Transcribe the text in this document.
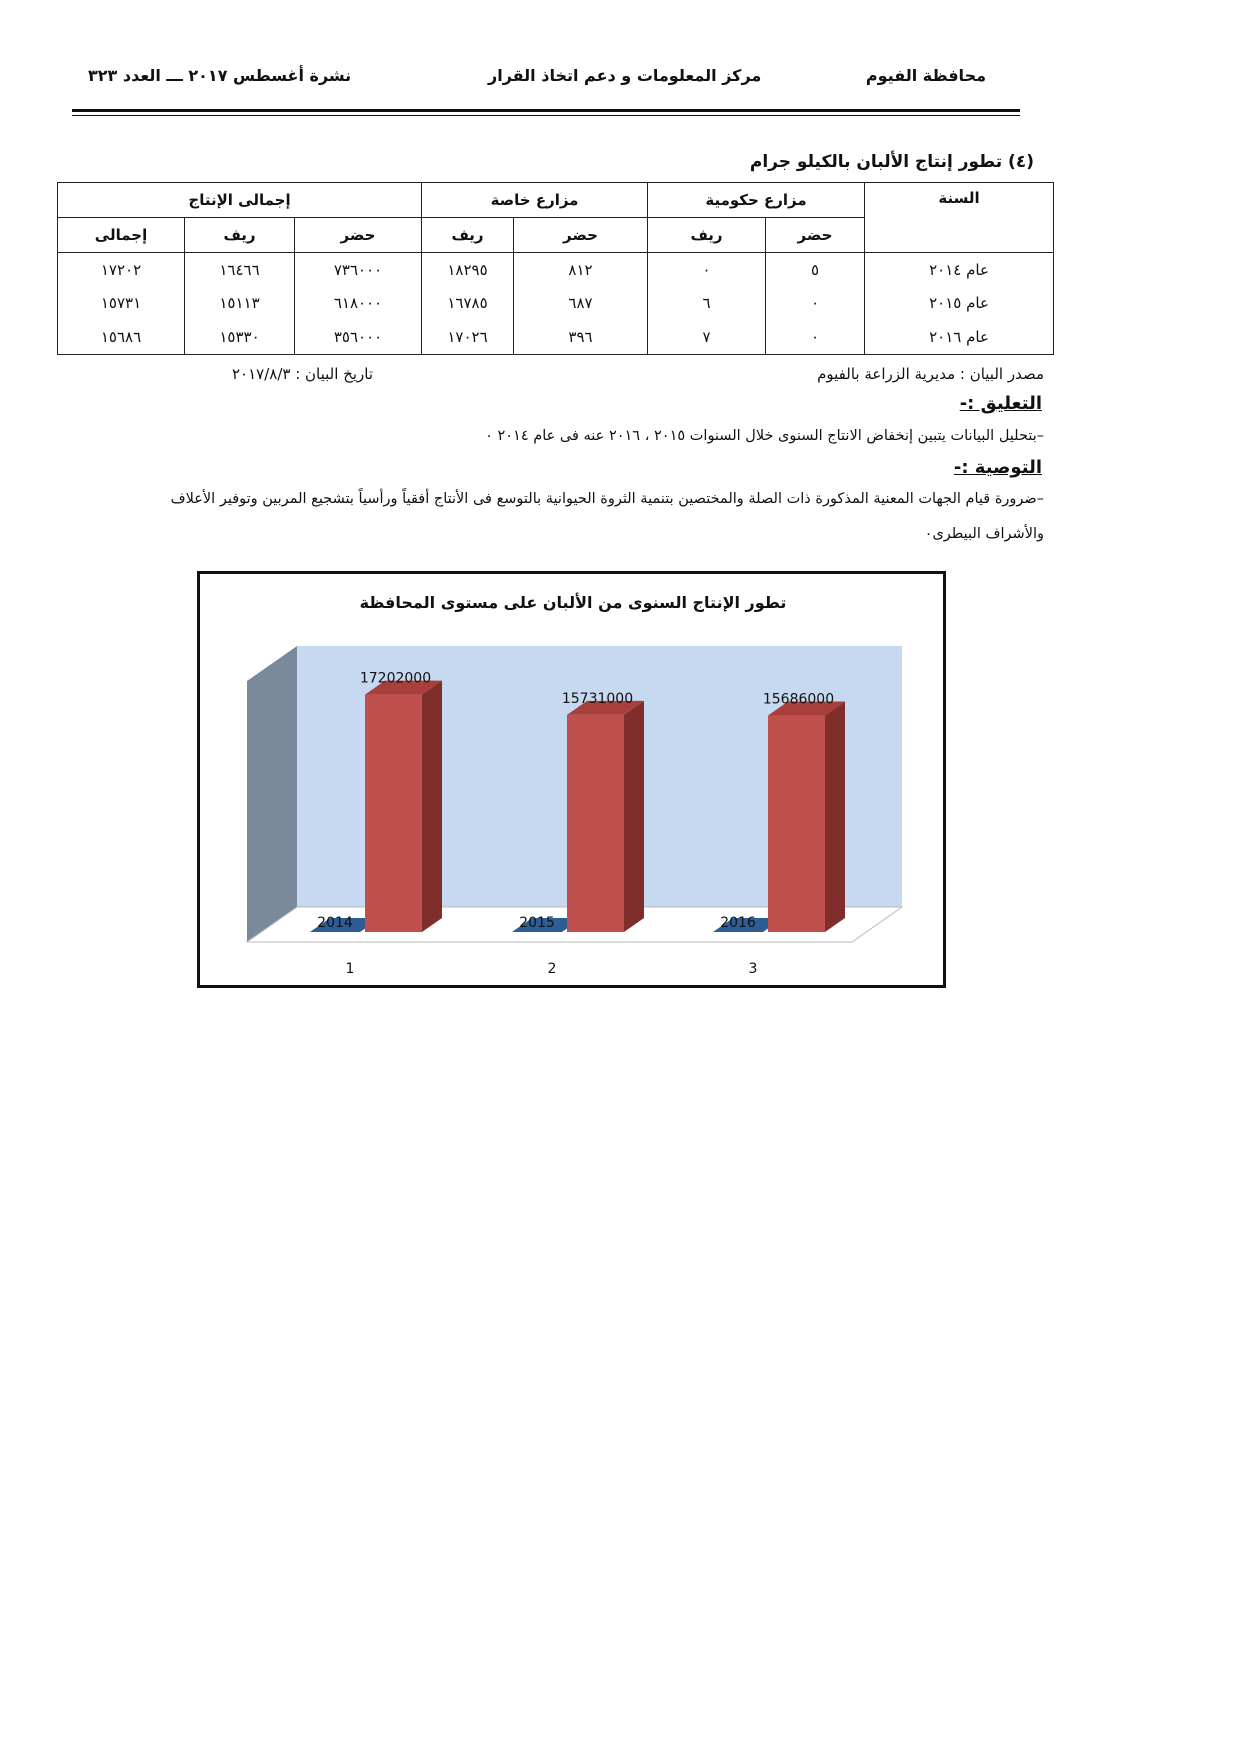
محافظة الفيوم
مركز المعلومات و دعم اتخاذ القرار
نشرة أغسطس ٢٠١٧ ـــ العدد ٣٢٣
(٤) تطور إنتاج الألبان بالكيلو جرام
السنة	مزارع حكومية		مزارع خاصة		إجمالى الإنتاج		
	حضر	ريف	حضر	ريف	حضر	ريف	إجمالى
عام ٢٠١٤	٥	٠	٨١٢	١٨٢٩٥	٧٣٦٠٠٠	١٦٤٦٦	١٧٢٠٢
عام ٢٠١٥	٠	٦	٦٨٧	١٦٧٨٥	٦١٨٠٠٠	١٥١١٣	١٥٧٣١
عام ٢٠١٦	٠	٧	٣٩٦	١٧٠٢٦	٣٥٦٠٠٠	١٥٣٣٠	١٥٦٨٦
مصدر البيان : مديرية الزراعة بالفيوم
تاريخ البيان : ٢٠١٧/٨/٣
التعليق :-
–بتحليل البيانات يتبين إنخفاض الانتاج السنوى خلال السنوات ٢٠١٥ ، ٢٠١٦ عنه فى عام ٢٠١٤ ٠
التوصية :-
–ضرورة قيام الجهات المعنية المذكورة ذات الصلة والمختصين بتنمية الثروة الحيوانية بالتوسع فى الأنتاج أفقياً ورأسياً بتشجيع المربين وتوفير الأعلاف
والأشراف البيطرى٠
تطور الإنتاج السنوى من الألبان على مستوى المحافظة
17202000
2014
1
15731000
2015
2
15686000
2016
3
